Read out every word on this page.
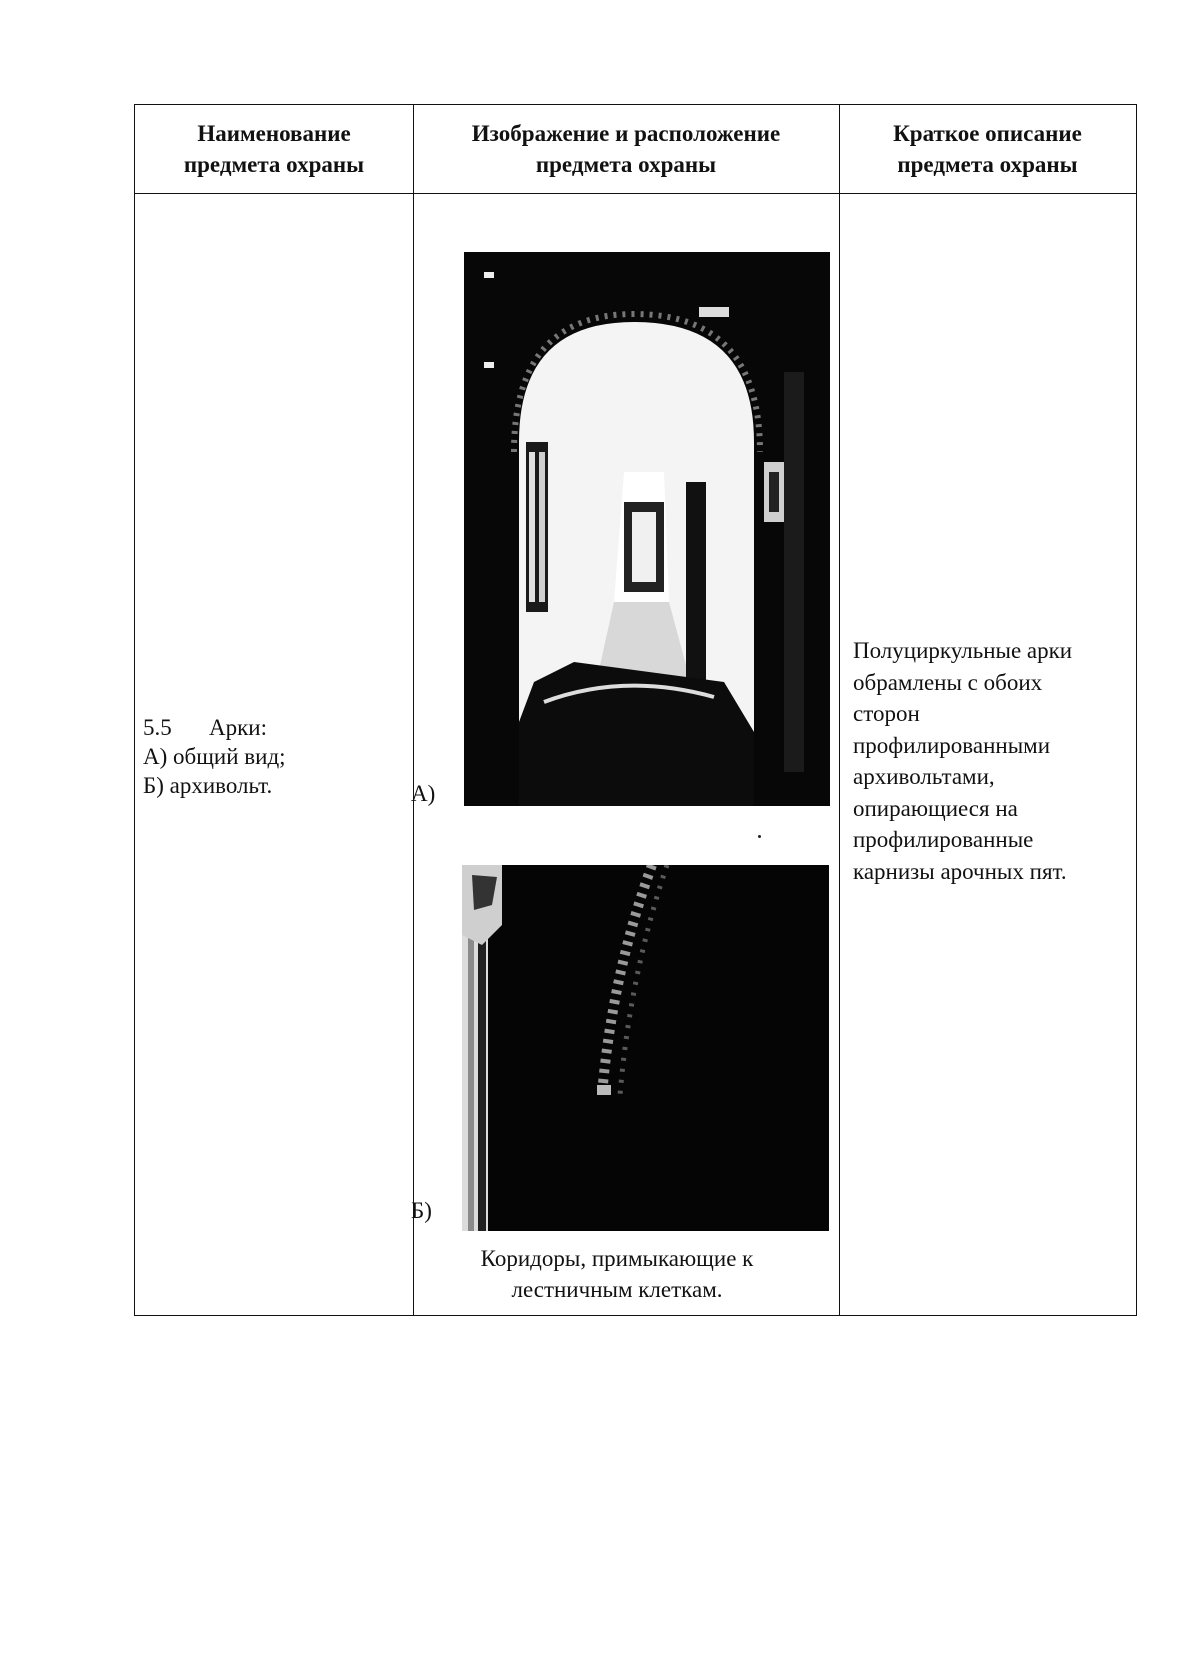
Наименование
предмета охраны
Изображение и расположение
предмета охраны
Краткое описание
предмета охраны
5.5 Арки:
А) общий вид;
Б) архивольт.	А)
Б)
Коридоры, примыкающие к
лестничным клеткам.
Полуциркульные арки
обрамлены с обоих
сторон
профилированными
архивольтами,
опирающиеся на
профилированные
карнизы арочных пят.
